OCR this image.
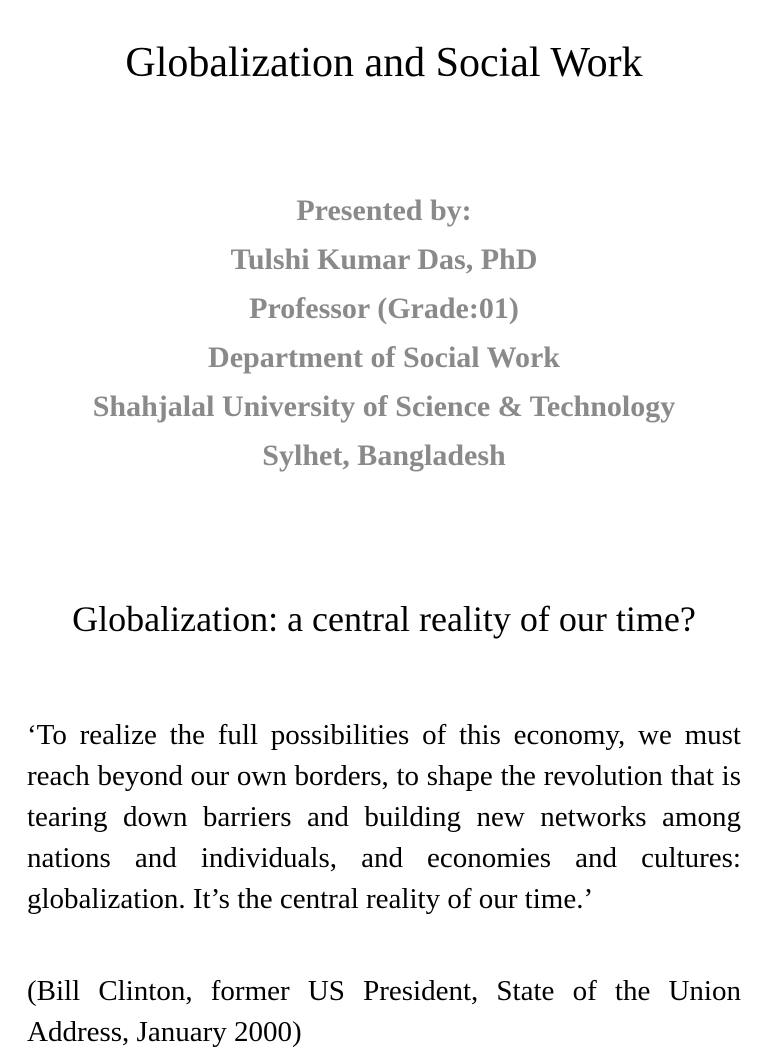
Globalization and Social Work
Presented by:
Tulshi Kumar Das, PhD
Professor (Grade:01)
Department of Social Work
Shahjalal University of Science & Technology
Sylhet, Bangladesh
Globalization: a central reality of our time?

‘To realize the full possibilities of this economy, we must reach beyond our own borders, to shape the revolution that is tearing down barriers and building new networks among nations and individuals, and economies and cultures: globalization. It’s the central reality of our time.’

(Bill Clinton, former US President, State of the Union Address, January 2000)
